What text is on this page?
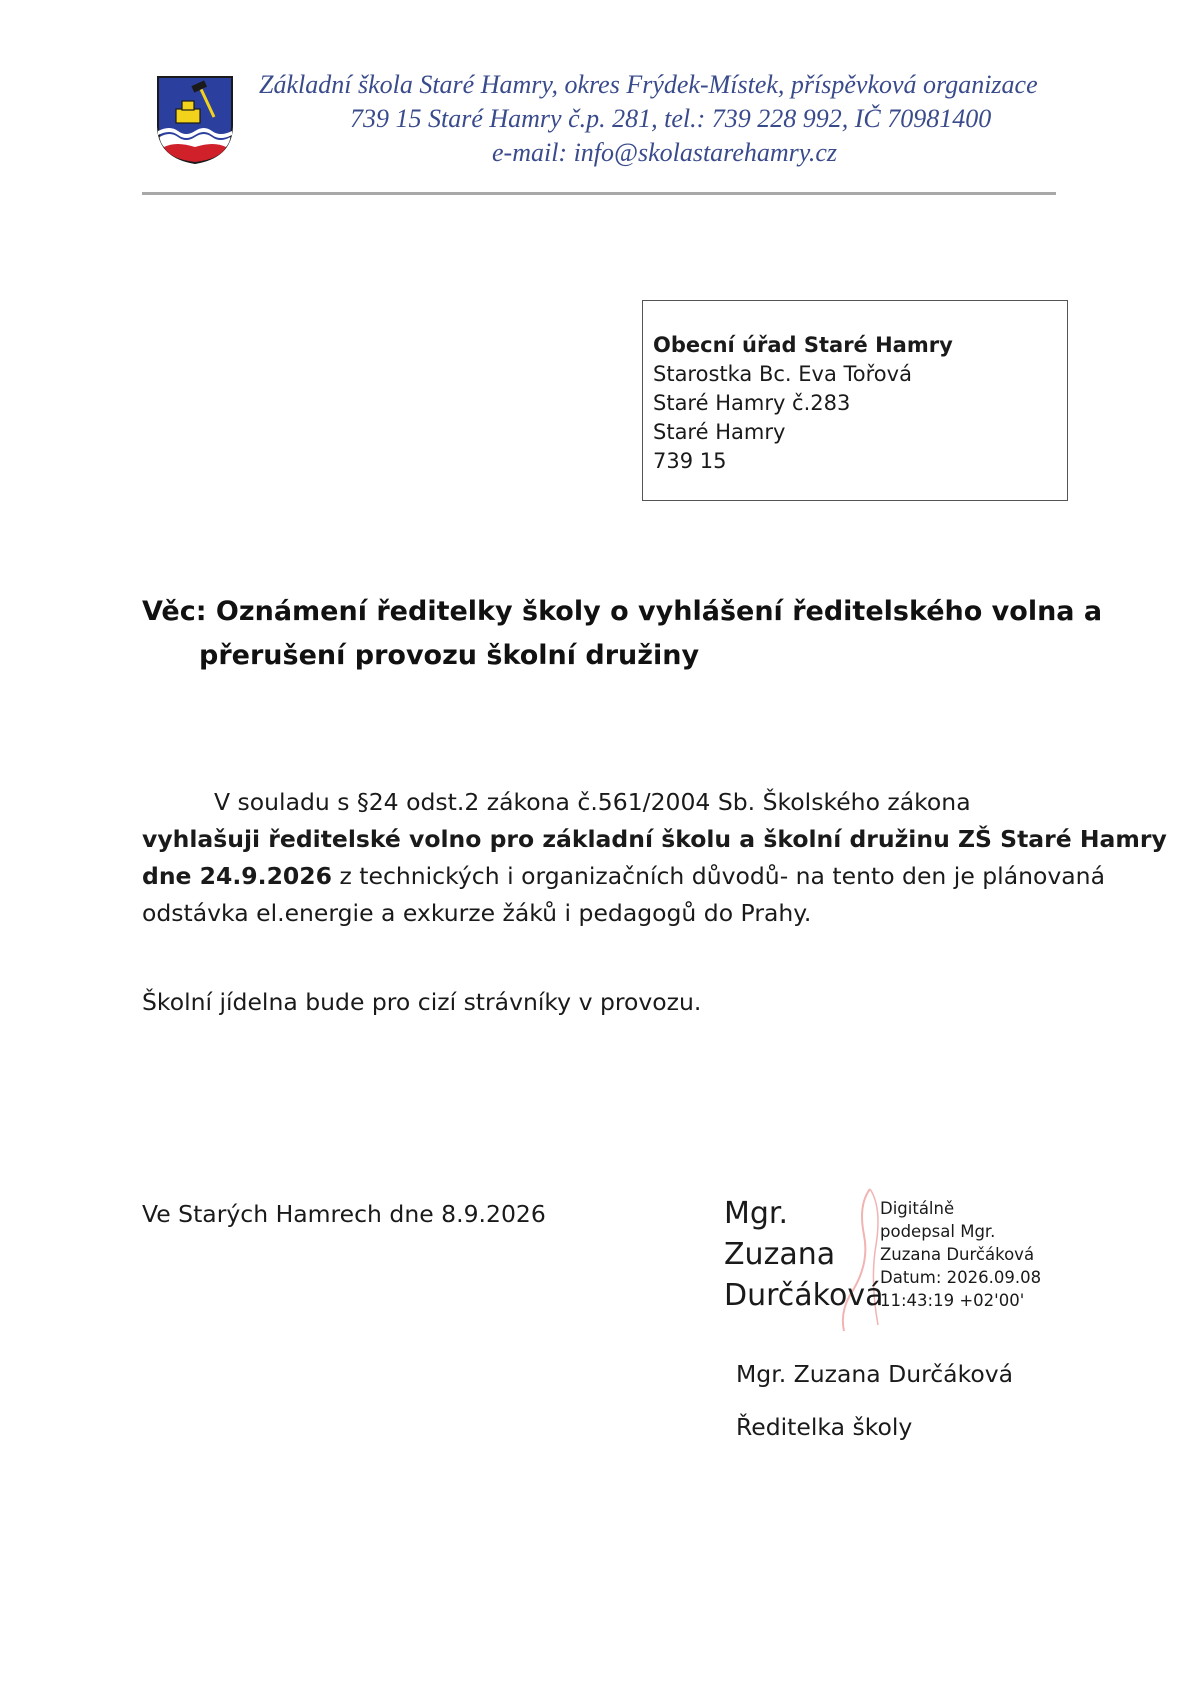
Základní škola Staré Hamry, okres Frýdek-Místek, příspěvková organizace
739 15 Staré Hamry č.p. 281, tel.: 739 228 992, IČ 70981400
e-mail: info@skolastarehamry.cz
Obecní úřad Staré Hamry
Starostka Bc. Eva Tořová
Staré Hamry č.283
Staré Hamry
739 15
Věc: Oznámení ředitelky školy o vyhlášení ředitelského volna a
přerušení provozu školní družiny
V souladu s §24 odst.2 zákona č.561/2004 Sb. Školského zákona
vyhlašuji ředitelské volno pro základní školu a školní družinu ZŠ Staré Hamry
dne 24.9.2026 z technických i organizačních důvodů- na tento den je plánovaná
odstávka el.energie a exkurze žáků i pedagogů do Prahy.
Školní jídelna bude pro cizí strávníky v provozu.
Ve Starých Hamrech dne 8.9.2026	Mgr.
Zuzana
Durčáková
Digitálně
podepsal Mgr.
Zuzana Durčáková
Datum: 2026.09.08
11:43:19 +02'00'
Mgr. Zuzana Durčáková
Ředitelka školy
